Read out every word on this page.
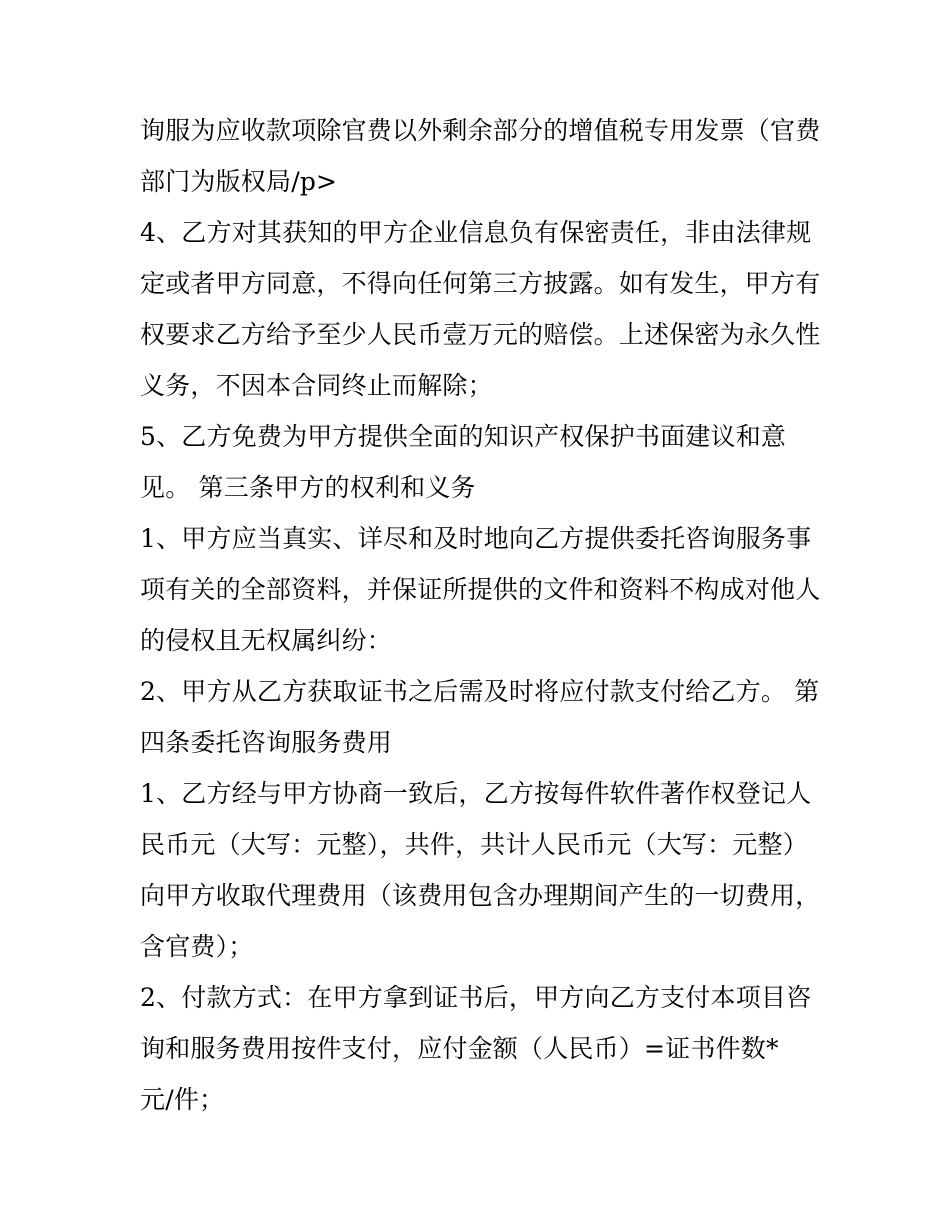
询服为应收款项除官费以外剩余部分的增值税专用发票（官费
部门为版权局/p>
4、乙方对其获知的甲方企业信息负有保密责任，非由法律规
定或者甲方同意，不得向任何第三方披露。如有发生，甲方有
权要求乙方给予至少人民币壹万元的赔偿。上述保密为永久性
义务，不因本合同终止而解除；
5、乙方免费为甲方提供全面的知识产权保护书面建议和意
见。 第三条甲方的权利和义务
1、甲方应当真实、详尽和及时地向乙方提供委托咨询服务事
项有关的全部资料，并保证所提供的文件和资料不构成对他人
的侵权且无权属纠纷：
2、甲方从乙方获取证书之后需及时将应付款支付给乙方。 第
四条委托咨询服务费用
1、乙方经与甲方协商一致后，乙方按每件软件著作权登记人
民币元（大写：元整），共件，共计人民币元（大写：元整）
向甲方收取代理费用（该费用包含办理期间产生的一切费用，
含官费）；
2、付款方式：在甲方拿到证书后，甲方向乙方支付本项目咨
询和服务费用按件支付，应付金额（人民币）=证书件数*
元/件；
